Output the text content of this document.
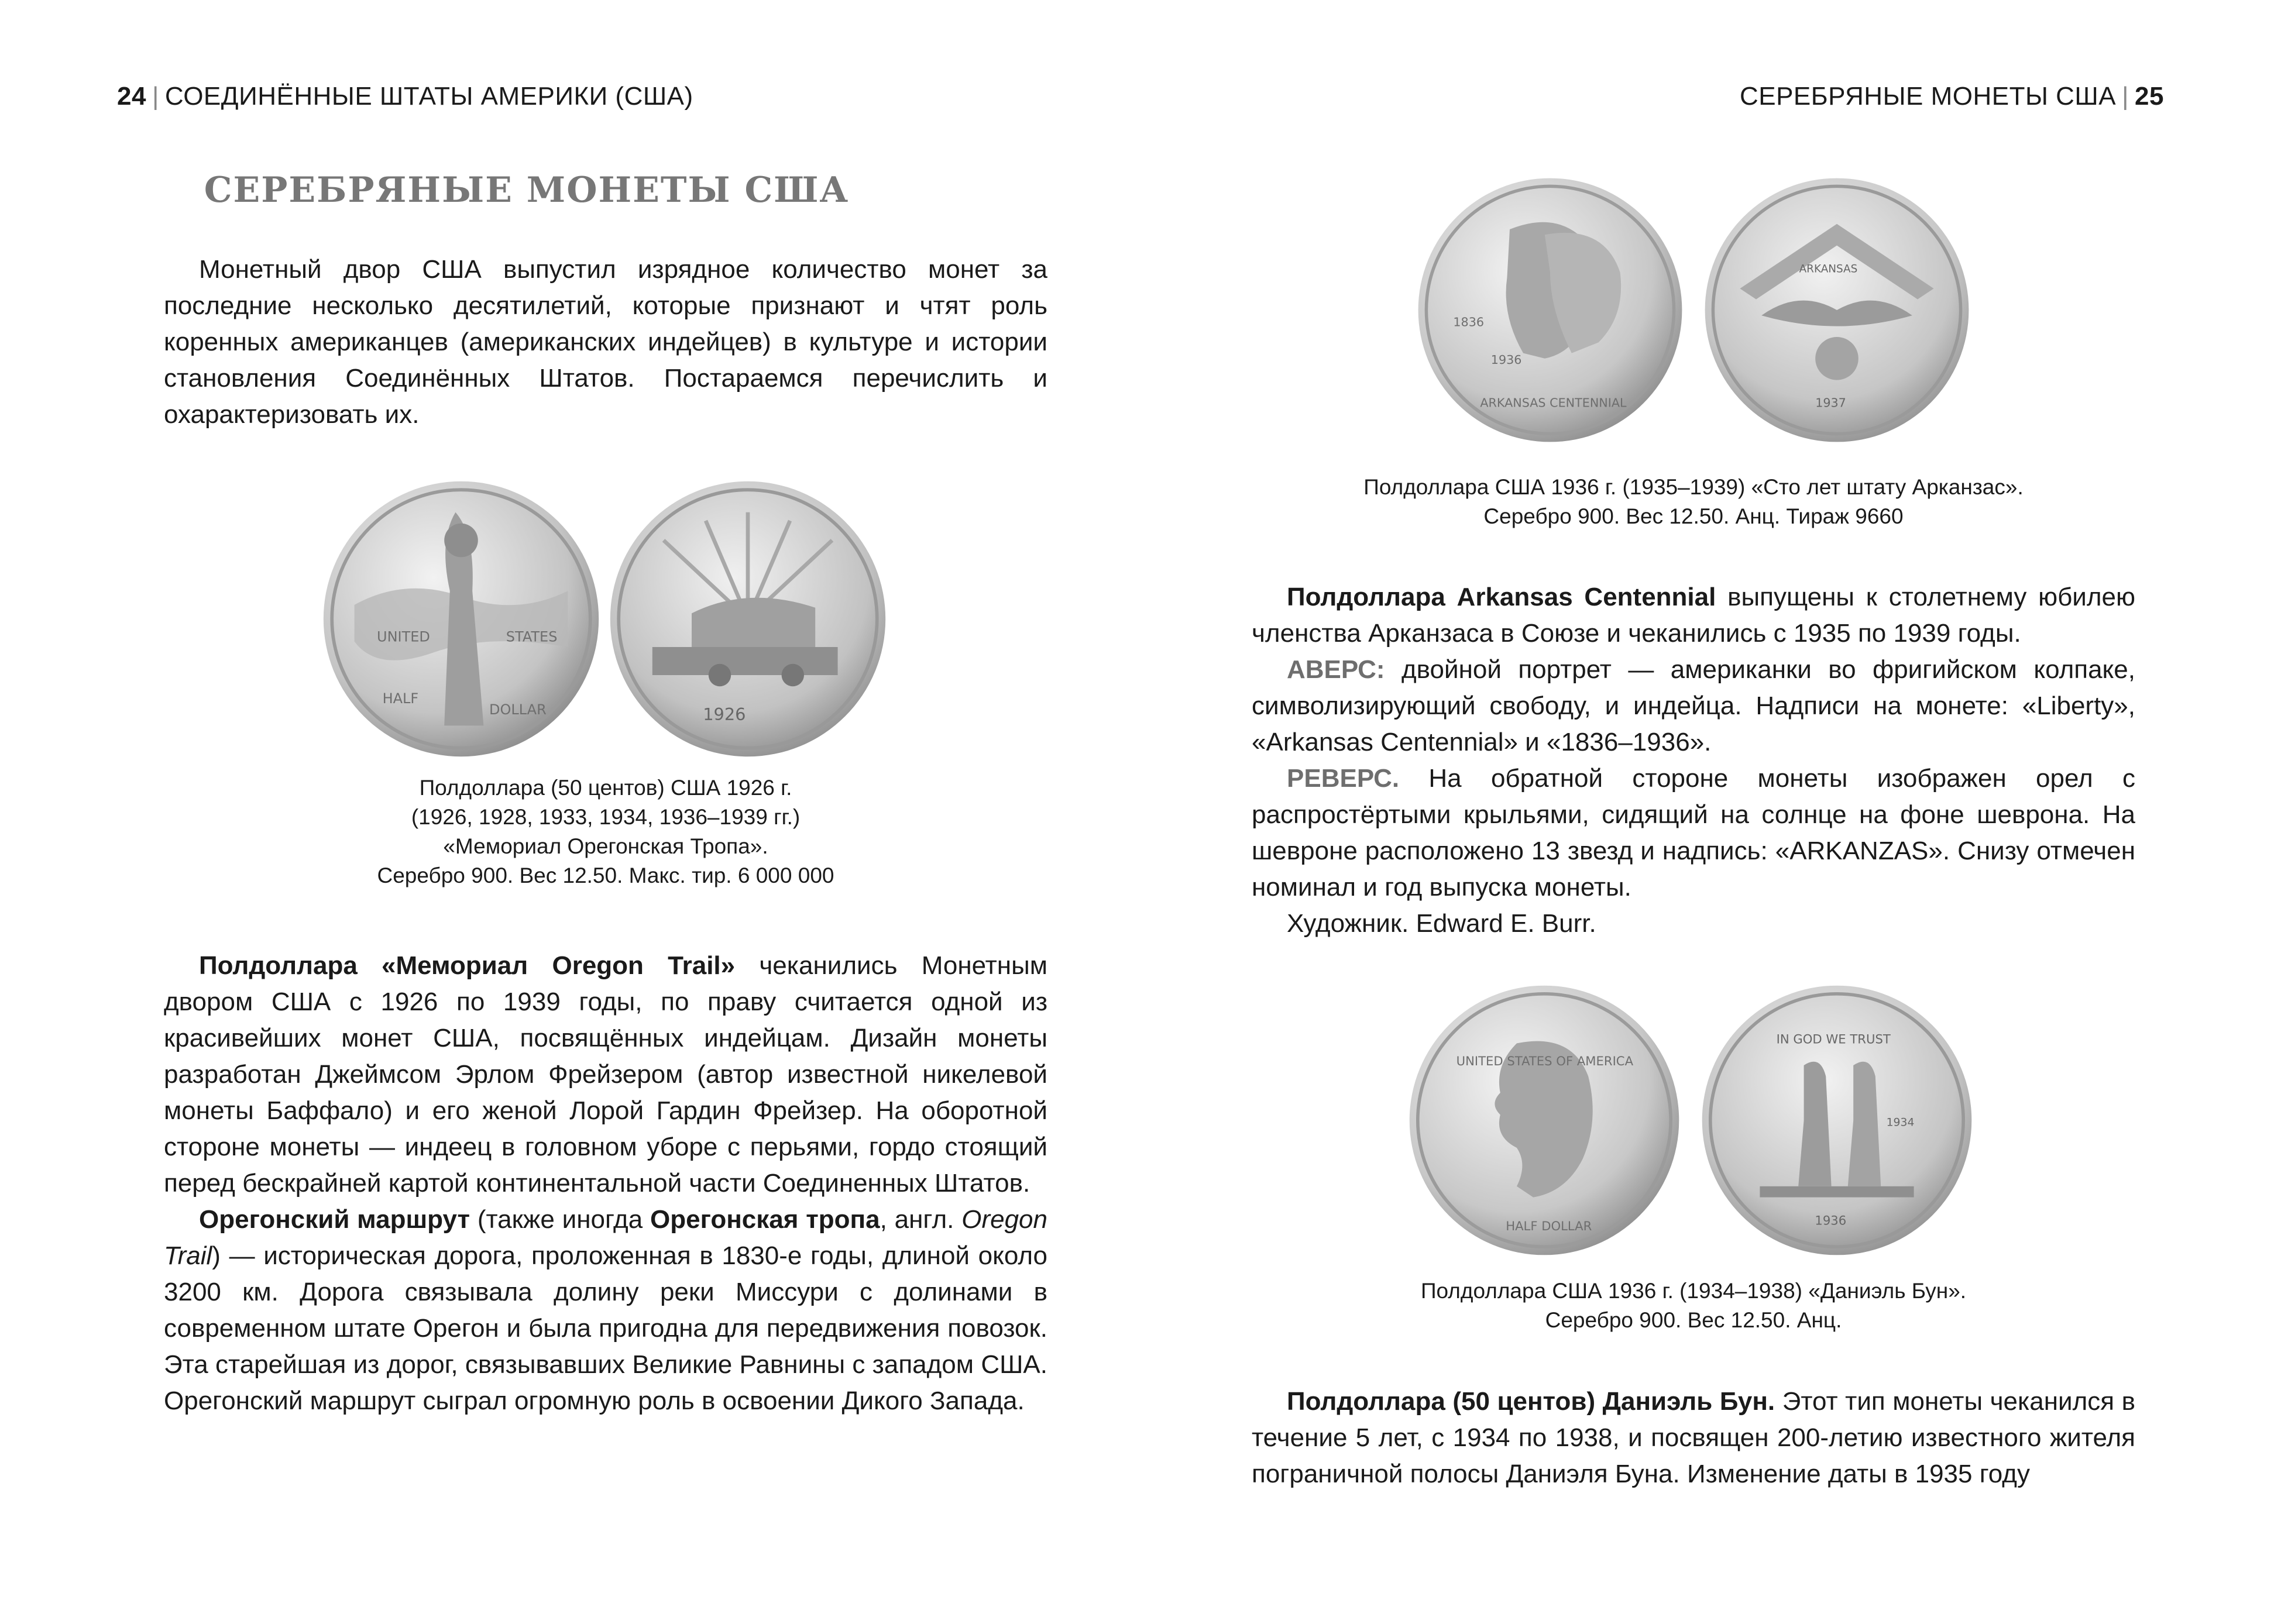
24 | СОЕДИНЁННЫЕ ШТАТЫ АМЕРИКИ (США)
СЕРЕБРЯНЫЕ МОНЕТЫ США

Монетный двор США выпустил изрядное количество монет за последние несколько десятилетий, которые признают и чтят роль коренных американцев (американских индейцев) в культуре и истории становления Соединённых Штатов. Постараемся перечислить и охарактеризовать их.

UNITED	STATES
HALF
DOLLAR	1926
Полдоллара (50 центов) США 1926 г.
(1926, 1928, 1933, 1934, 1936–1939 гг.)
«Мемориал Орегонская Тропа».
Серебро 900. Вес 12.50. Макс. тир. 6 000 000

Полдоллара «Мемориал Oregon Trail» чеканились Монетным двором США с 1926 по 1939 годы, по праву считается одной из красивейших монет США, посвящённых индейцам. Дизайн монеты разработан Джеймсом Эрлом Фрейзером (автор известной никелевой монеты Баффало) и его женой Лорой Гардин Фрейзер. На оборотной стороне монеты — индеец в головном уборе с перьями, гордо стоящий перед бескрайней картой континентальной части Соединенных Штатов.

Орегонский маршрут (также иногда Орегонская тропа, англ. Oregon Trail) — историческая дорога, проложенная в 1830-е годы, длиной около 3200 км. Дорога связывала долину реки Миссури с долинами в современном штате Орегон и была пригодна для передвижения повозок. Эта старейшая из дорог, связывавших Великие Равнины с западом США. Орегонский маршрут сыграл огромную роль в освоении Дикого Запада.

СЕРЕБРЯНЫЕ МОНЕТЫ США | 25
1836
1936
ARKANSAS CENTENNIAL
ARKANSAS
1937
Полдоллара США 1936 г. (1935–1939) «Сто лет штату Арканзас».
Серебро 900. Вес 12.50. Анц. Тираж 9660

Полдоллара Arkansas Centennial выпущены к столетнему юбилею членства Арканзаса в Союзе и чеканились с 1935 по 1939 годы.

АВЕРС: двойной портрет — американки во фригийском колпаке, символизирующий свободу, и индейца. Надписи на монете: «Liberty», «Arkansas Centennial» и «1836–1936».

РЕВЕРС. На обратной стороне монеты изображен орел с распростёртыми крыльями, сидящий на солнце на фоне шеврона. На шевроне расположено 13 звезд и надпись: «ARKANZAS». Снизу отмечен номинал и год выпуска монеты.

Художник. Edward E. Burr.

UNITED STATES OF AMERICA
HALF DOLLAR
IN GOD WE TRUST
1934
1936
Полдоллара США 1936 г. (1934–1938) «Даниэль Бун».
Серебро 900. Вес 12.50. Анц.

Полдоллара (50 центов) Даниэль Бун. Этот тип монеты чеканился в течение 5 лет, с 1934 по 1938, и посвящен 200-летию известного жителя пограничной полосы Даниэля Буна. Изменение даты в 1935 году
